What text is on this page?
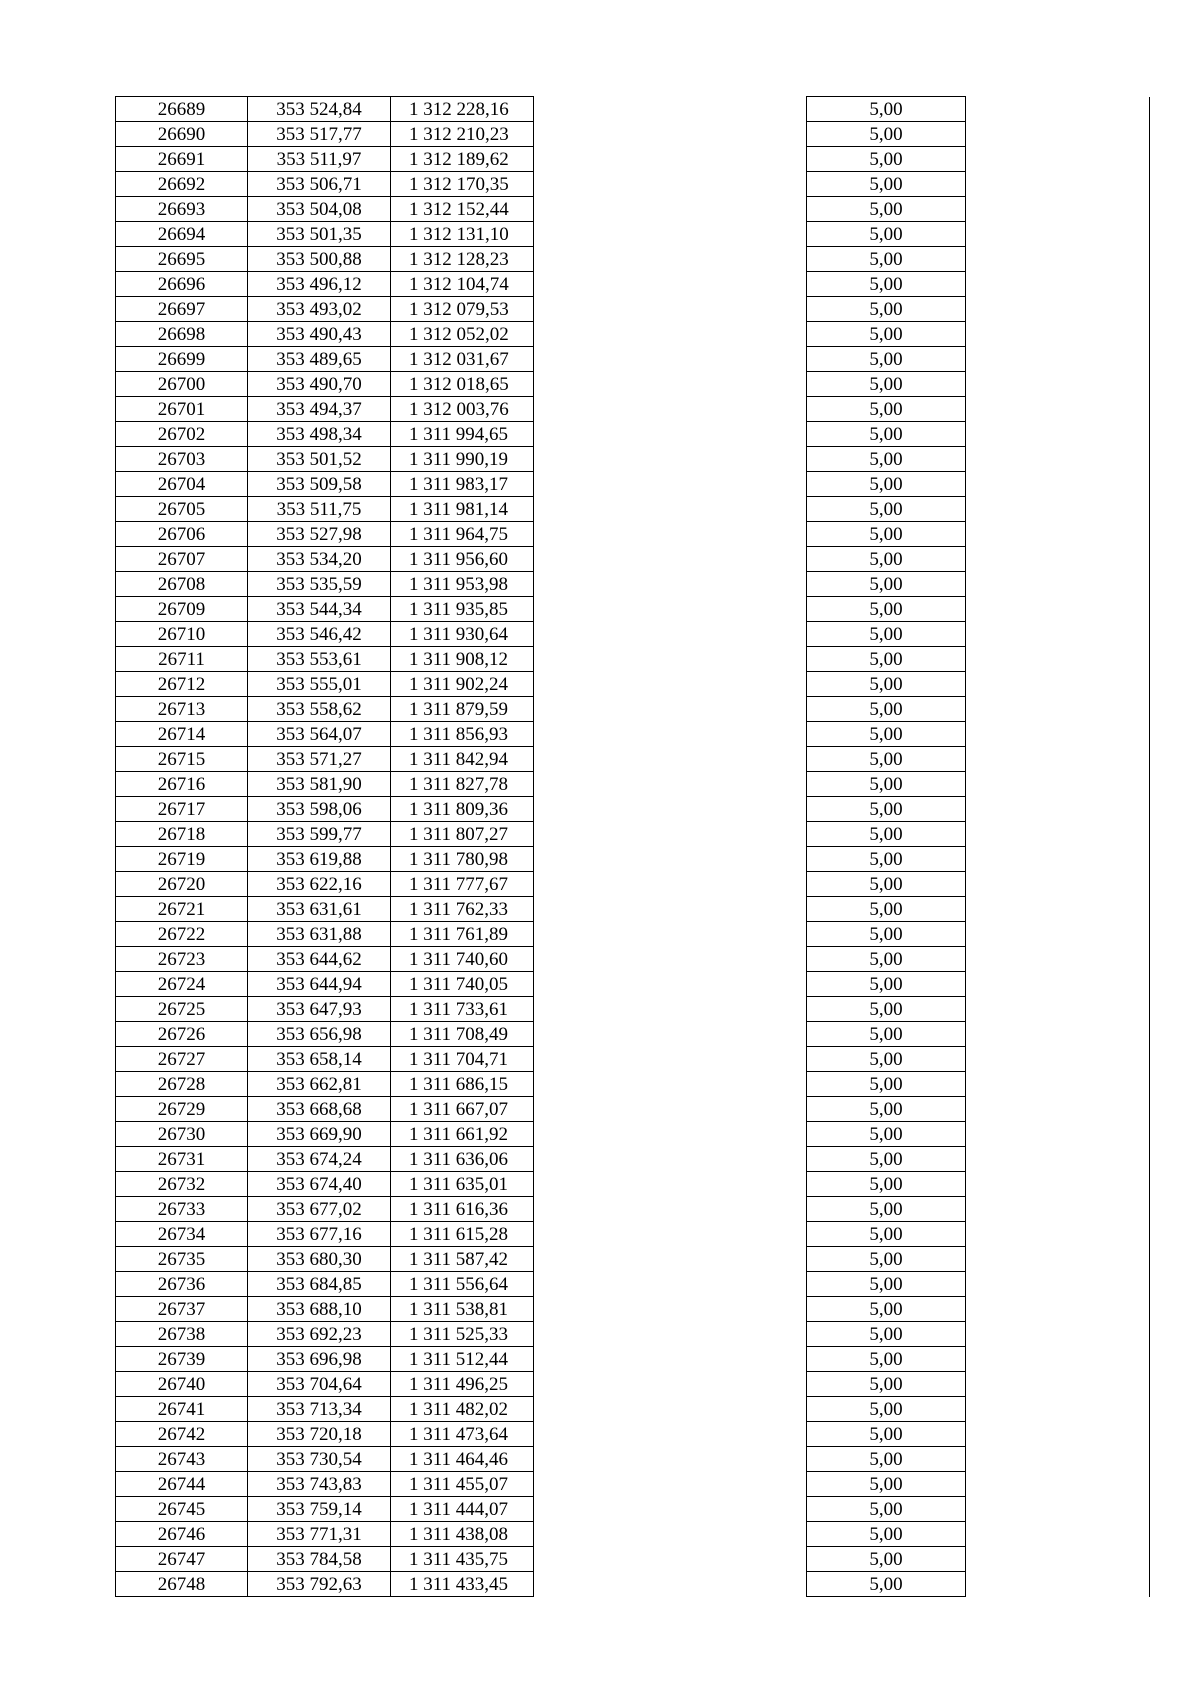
26689	353 524,84	1 312 228,16		5,00	
26690	353 517,77	1 312 210,23		5,00	
26691	353 511,97	1 312 189,62		5,00	
26692	353 506,71	1 312 170,35		5,00	
26693	353 504,08	1 312 152,44		5,00	
26694	353 501,35	1 312 131,10		5,00	
26695	353 500,88	1 312 128,23		5,00	
26696	353 496,12	1 312 104,74		5,00	
26697	353 493,02	1 312 079,53		5,00	
26698	353 490,43	1 312 052,02		5,00	
26699	353 489,65	1 312 031,67		5,00	
26700	353 490,70	1 312 018,65		5,00	
26701	353 494,37	1 312 003,76		5,00	
26702	353 498,34	1 311 994,65		5,00	
26703	353 501,52	1 311 990,19		5,00	
26704	353 509,58	1 311 983,17		5,00	
26705	353 511,75	1 311 981,14		5,00	
26706	353 527,98	1 311 964,75		5,00	
26707	353 534,20	1 311 956,60		5,00	
26708	353 535,59	1 311 953,98		5,00	
26709	353 544,34	1 311 935,85		5,00	
26710	353 546,42	1 311 930,64		5,00	
26711	353 553,61	1 311 908,12		5,00	
26712	353 555,01	1 311 902,24		5,00	
26713	353 558,62	1 311 879,59		5,00	
26714	353 564,07	1 311 856,93		5,00	
26715	353 571,27	1 311 842,94		5,00	
26716	353 581,90	1 311 827,78		5,00	
26717	353 598,06	1 311 809,36		5,00	
26718	353 599,77	1 311 807,27		5,00	
26719	353 619,88	1 311 780,98		5,00	
26720	353 622,16	1 311 777,67		5,00	
26721	353 631,61	1 311 762,33		5,00	
26722	353 631,88	1 311 761,89		5,00	
26723	353 644,62	1 311 740,60		5,00	
26724	353 644,94	1 311 740,05		5,00	
26725	353 647,93	1 311 733,61		5,00	
26726	353 656,98	1 311 708,49		5,00	
26727	353 658,14	1 311 704,71		5,00	
26728	353 662,81	1 311 686,15		5,00	
26729	353 668,68	1 311 667,07		5,00	
26730	353 669,90	1 311 661,92		5,00	
26731	353 674,24	1 311 636,06		5,00	
26732	353 674,40	1 311 635,01		5,00	
26733	353 677,02	1 311 616,36		5,00	
26734	353 677,16	1 311 615,28		5,00	
26735	353 680,30	1 311 587,42		5,00	
26736	353 684,85	1 311 556,64		5,00	
26737	353 688,10	1 311 538,81		5,00	
26738	353 692,23	1 311 525,33		5,00	
26739	353 696,98	1 311 512,44		5,00	
26740	353 704,64	1 311 496,25		5,00	
26741	353 713,34	1 311 482,02		5,00	
26742	353 720,18	1 311 473,64		5,00	
26743	353 730,54	1 311 464,46		5,00	
26744	353 743,83	1 311 455,07		5,00	
26745	353 759,14	1 311 444,07		5,00	
26746	353 771,31	1 311 438,08		5,00	
26747	353 784,58	1 311 435,75		5,00	
26748	353 792,63	1 311 433,45		5,00	
